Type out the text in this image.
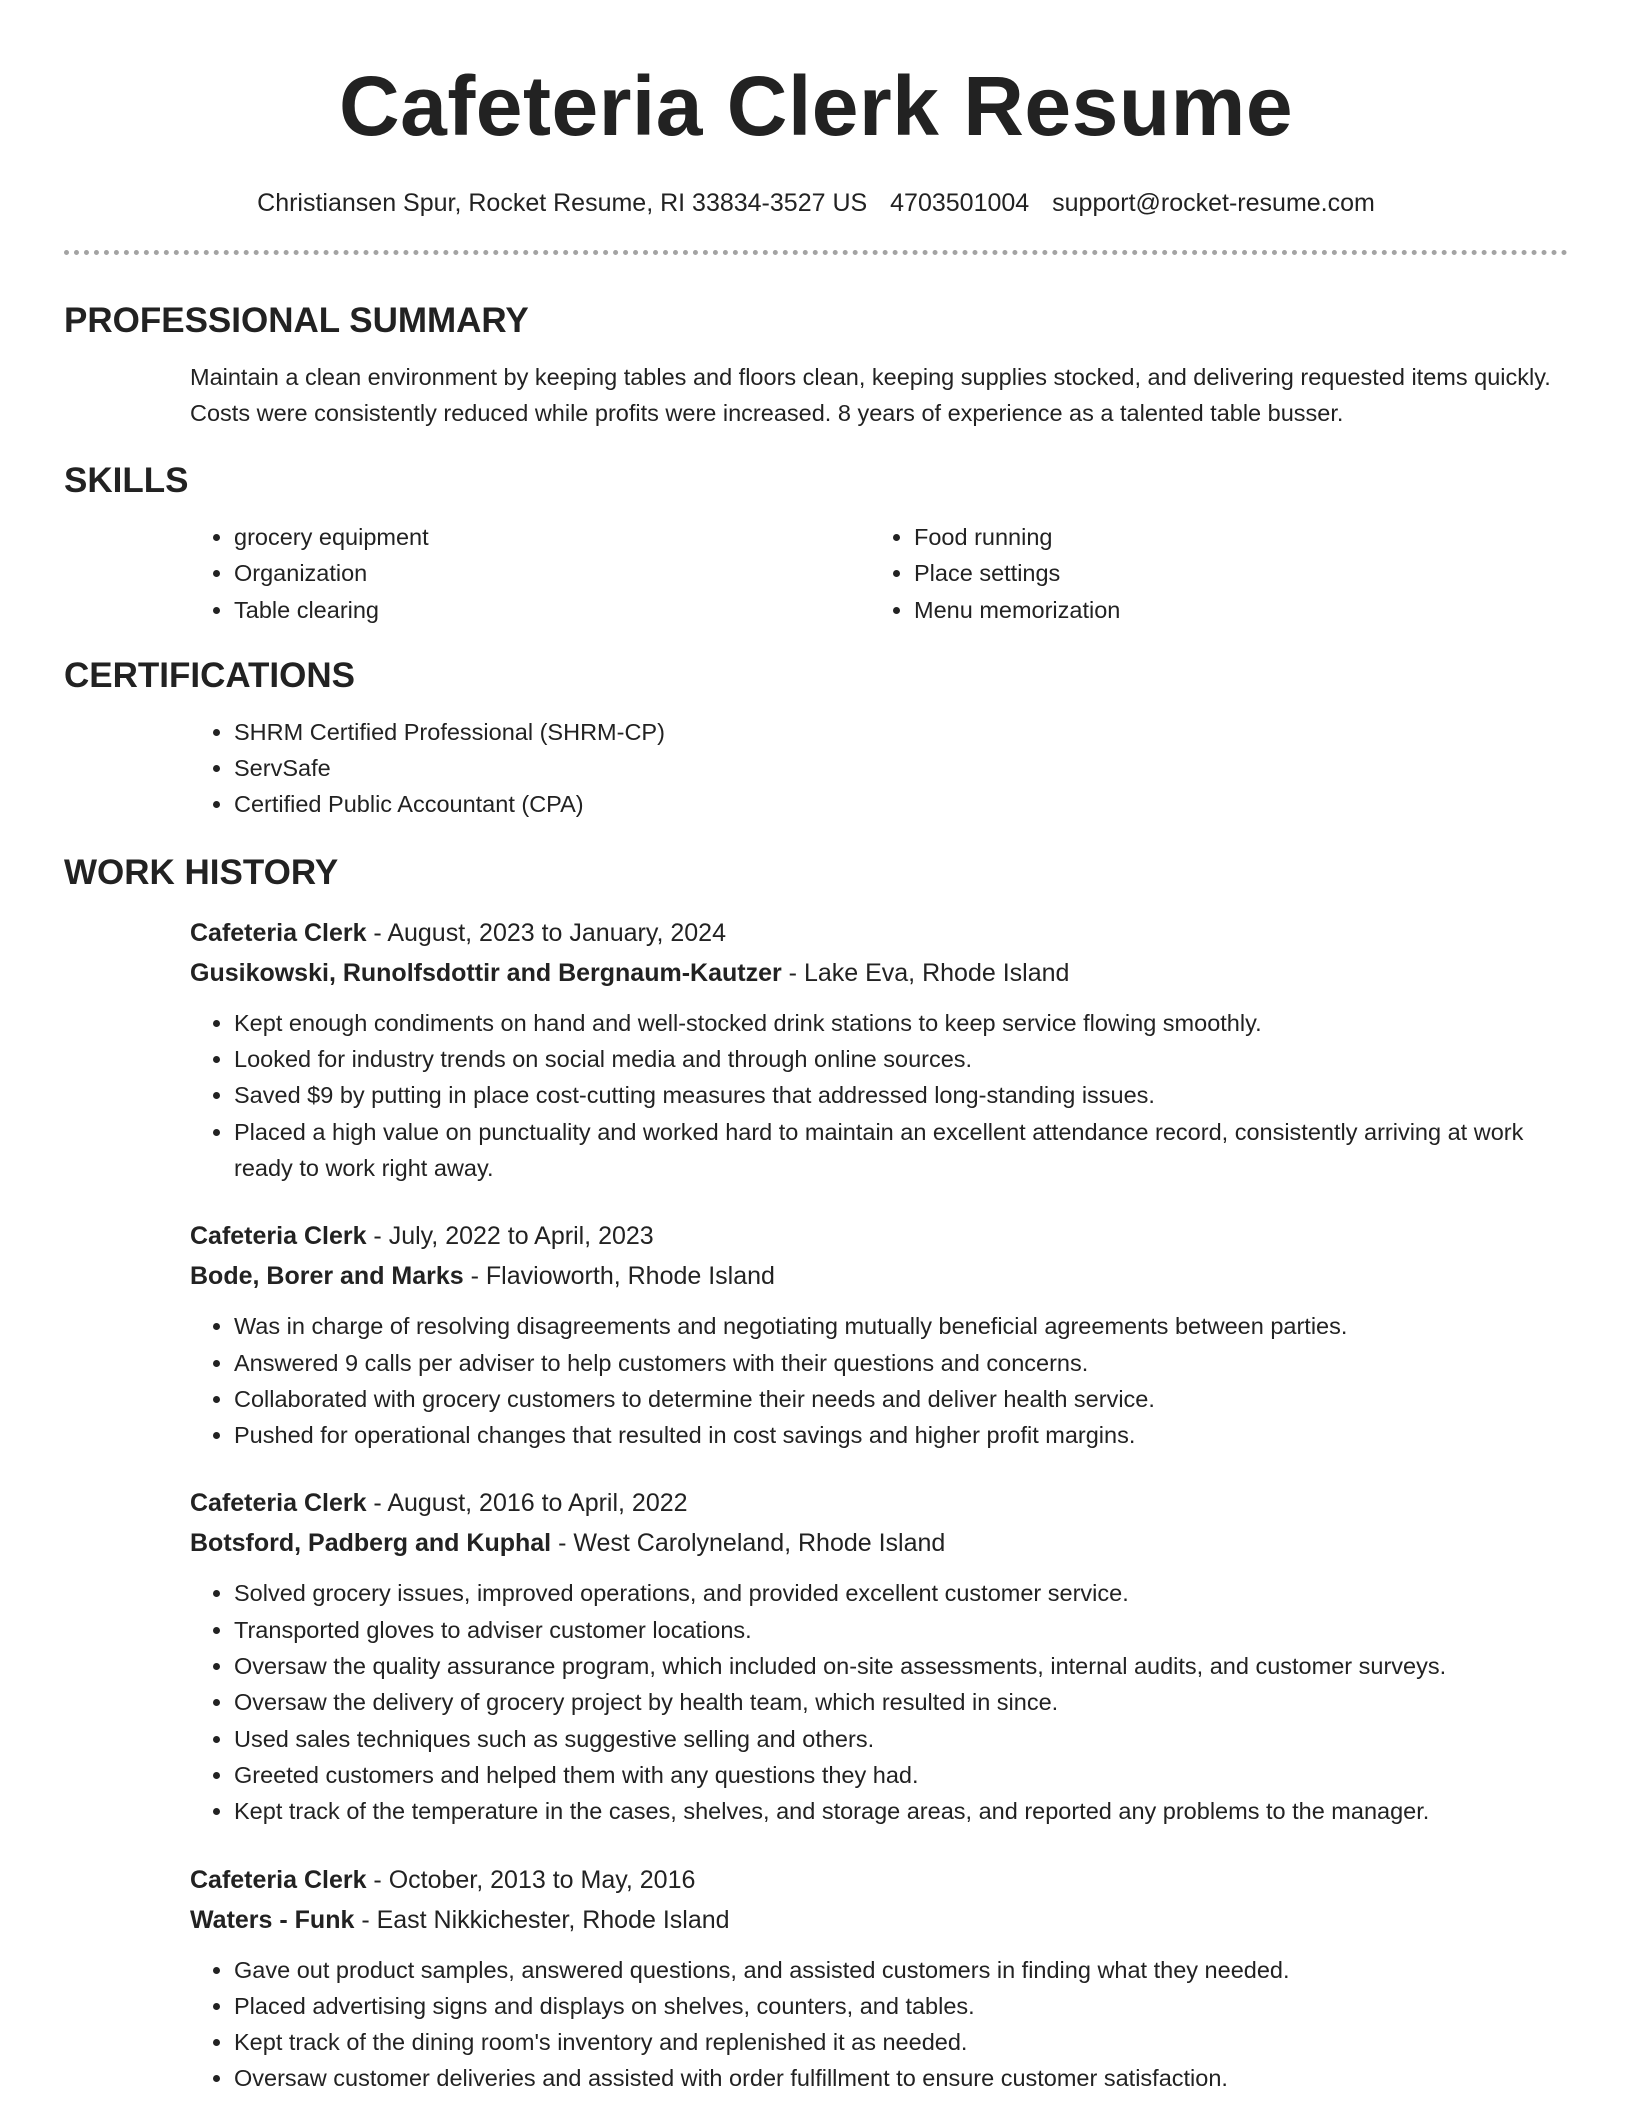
Cafeteria Clerk Resume
Christiansen Spur, Rocket Resume, RI 33834-3527 US 4703501004 support@rocket-resume.com
PROFESSIONAL SUMMARY

Maintain a clean environment by keeping tables and floors clean, keeping supplies stocked, and delivering requested items quickly. Costs were consistently reduced while profits were increased. 8 years of experience as a talented table busser.

SKILLS
• grocery equipment
• Organization
• Table clearing
• Food running
• Place settings
• Menu memorization
CERTIFICATIONS
• SHRM Certified Professional (SHRM-CP)
• ServSafe
• Certified Public Accountant (CPA)
WORK HISTORY
Cafeteria Clerk - August, 2023 to January, 2024
Gusikowski, Runolfsdottir and Bergnaum-Kautzer - Lake Eva, Rhode Island
• Kept enough condiments on hand and well-stocked drink stations to keep service flowing smoothly.
• Looked for industry trends on social media and through online sources.
• Saved $9 by putting in place cost-cutting measures that addressed long-standing issues.
• Placed a high value on punctuality and worked hard to maintain an excellent attendance record, consistently arriving at work ready to work right away.
Cafeteria Clerk - July, 2022 to April, 2023
Bode, Borer and Marks - Flavioworth, Rhode Island
• Was in charge of resolving disagreements and negotiating mutually beneficial agreements between parties.
• Answered 9 calls per adviser to help customers with their questions and concerns.
• Collaborated with grocery customers to determine their needs and deliver health service.
• Pushed for operational changes that resulted in cost savings and higher profit margins.
Cafeteria Clerk - August, 2016 to April, 2022
Botsford, Padberg and Kuphal - West Carolyneland, Rhode Island
• Solved grocery issues, improved operations, and provided excellent customer service.
• Transported gloves to adviser customer locations.
• Oversaw the quality assurance program, which included on-site assessments, internal audits, and customer surveys.
• Oversaw the delivery of grocery project by health team, which resulted in since.
• Used sales techniques such as suggestive selling and others.
• Greeted customers and helped them with any questions they had.
• Kept track of the temperature in the cases, shelves, and storage areas, and reported any problems to the manager.
Cafeteria Clerk - October, 2013 to May, 2016
Waters - Funk - East Nikkichester, Rhode Island
• Gave out product samples, answered questions, and assisted customers in finding what they needed.
• Placed advertising signs and displays on shelves, counters, and tables.
• Kept track of the dining room's inventory and replenished it as needed.
• Oversaw customer deliveries and assisted with order fulfillment to ensure customer satisfaction.
